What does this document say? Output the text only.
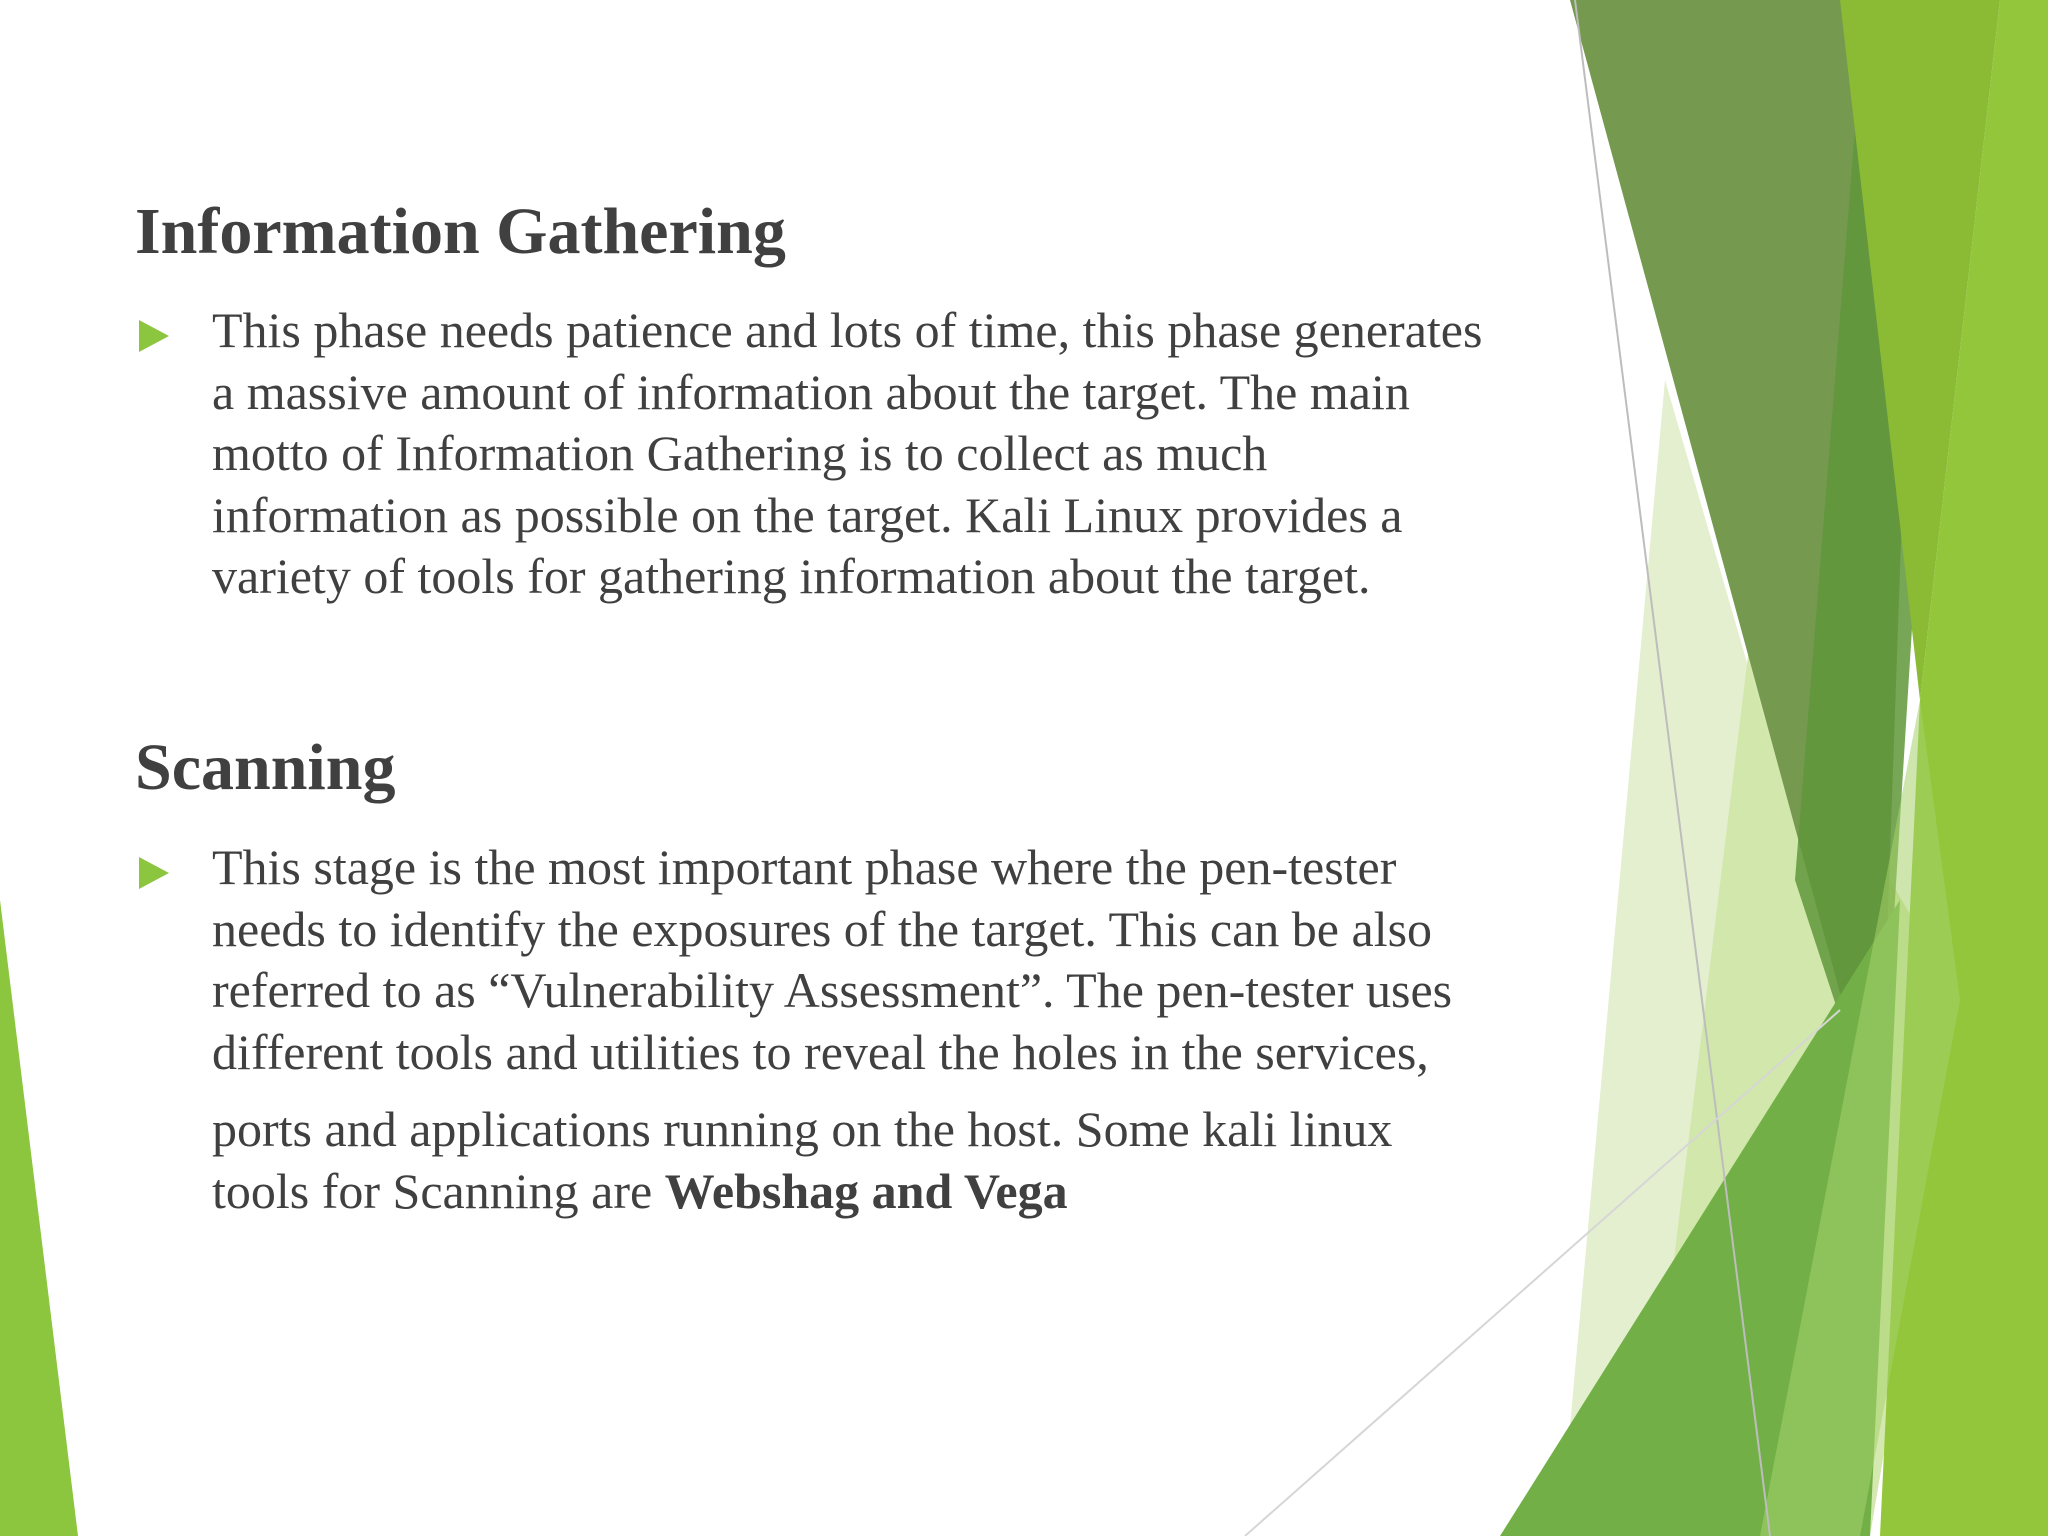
Information Gathering
This phase needs patience and lots of time, this phase generates
a massive amount of information about the target. The main
motto of Information Gathering is to collect as much
information as possible on the target. Kali Linux provides a
variety of tools for gathering information about the target.
Scanning
This stage is the most important phase where the pen-tester
needs to identify the exposures of the target. This can be also
referred to as “Vulnerability Assessment”. The pen-tester uses
different tools and utilities to reveal the holes in the services,
ports and applications running on the host. Some kali linux
tools for Scanning are Webshag and Vega
